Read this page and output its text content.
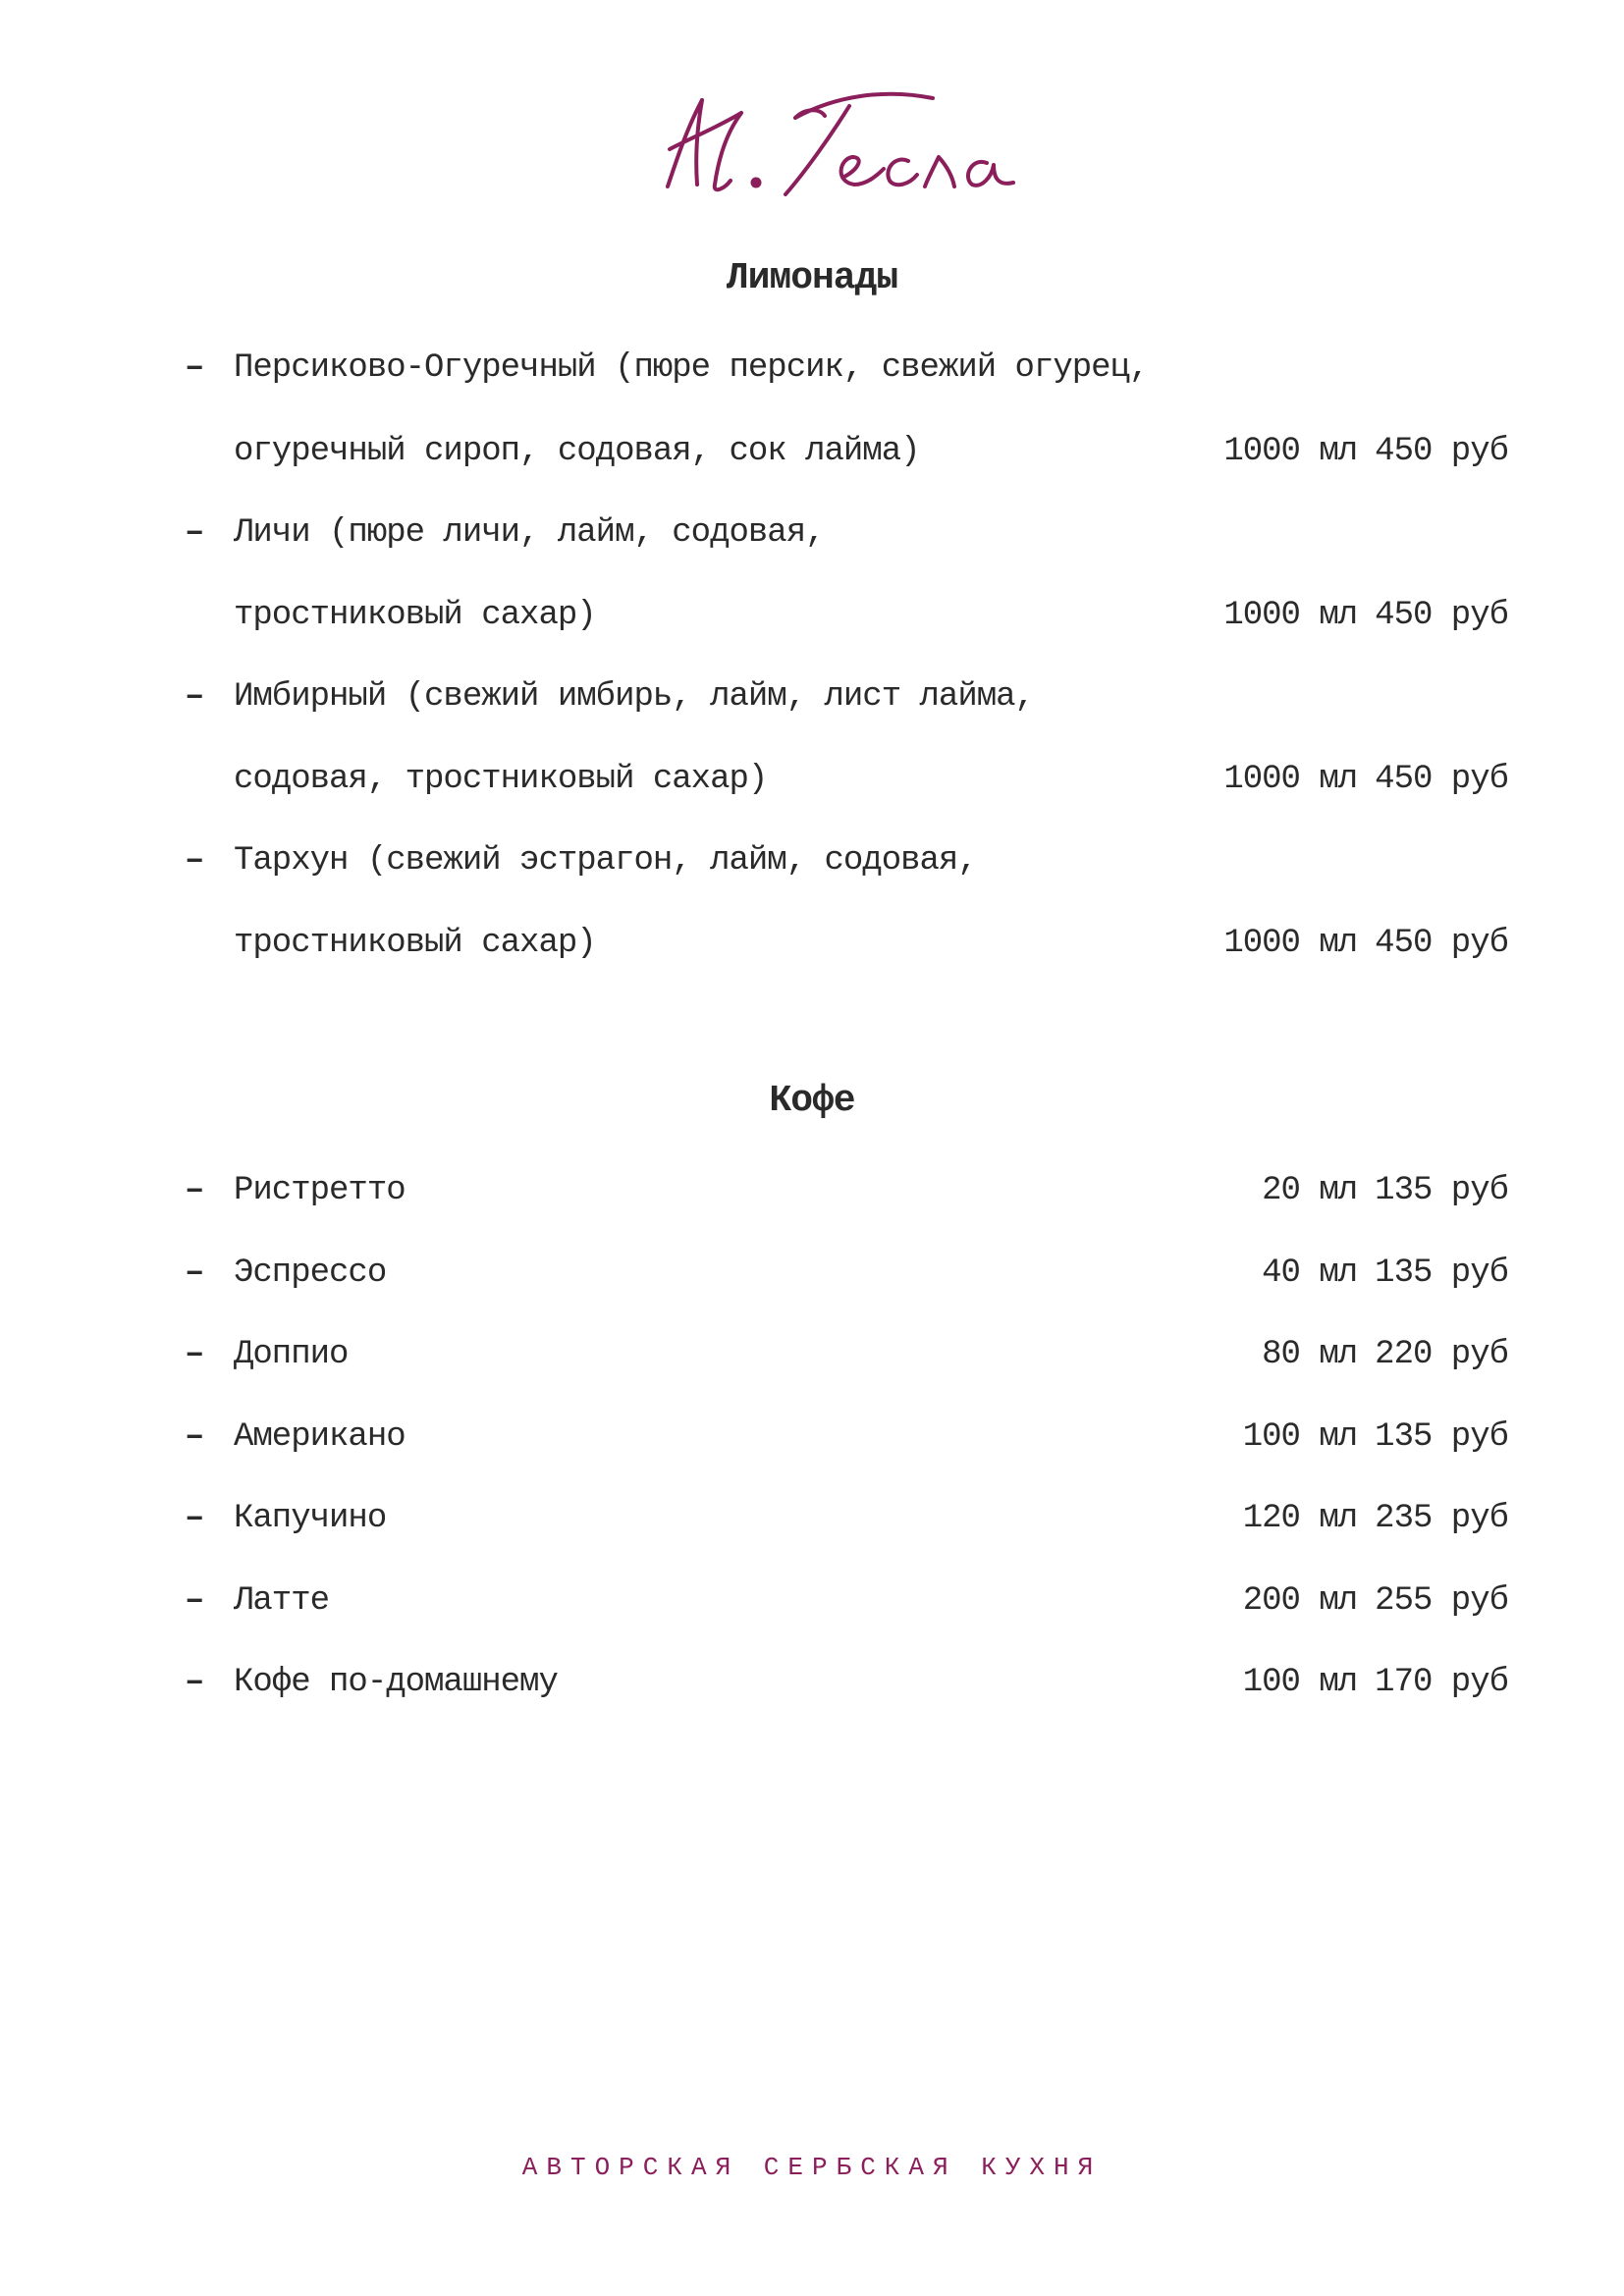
Лимонады
– Персиково-Огуречный (пюре персик, свежий огурец,
огуречный сироп, содовая, сок лайма)	1000 мл 450 руб
– Личи (пюре личи, лайм, содовая,
тростниковый сахар)	1000 мл 450 руб
– Имбирный (свежий имбирь, лайм, лист лайма,
содовая, тростниковый сахар)	1000 мл 450 руб
– Тархун (свежий эстрагон, лайм, содовая,
тростниковый сахар)	1000 мл 450 руб
Кофе
– Ристретто	20 мл 135 руб
– Эспрессо	40 мл 135 руб
– Доппио	80 мл 220 руб
– Американо	100 мл 135 руб
– Капучино	120 мл 235 руб
– Латте	200 мл 255 руб
– Кофе по-домашнему	100 мл 170 руб
АВТОРСКАЯ СЕРБСКАЯ КУХНЯ
